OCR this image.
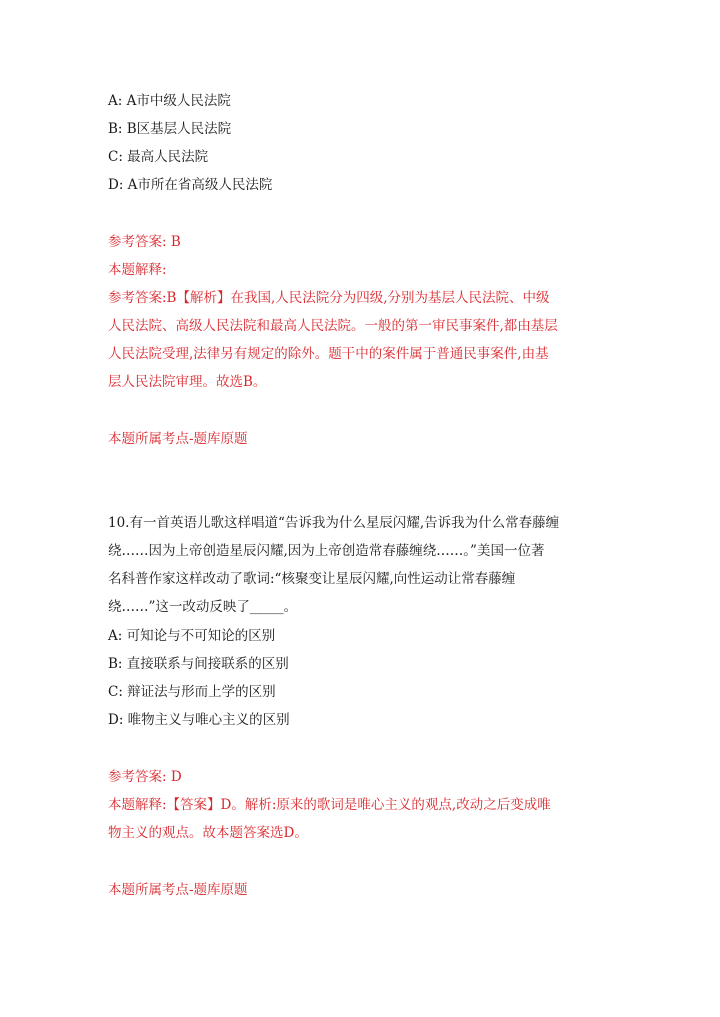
A: A市中级人民法院
B: B区基层人民法院
C: 最高人民法院
D: A市所在省高级人民法院
参考答案: B
本题解释:
参考答案:B【解析】在我国,人民法院分为四级,分别为基层人民法院、中级
人民法院、高级人民法院和最高人民法院。一般的第一审民事案件,都由基层
人民法院受理,法律另有规定的除外。题干中的案件属于普通民事案件,由基
层人民法院审理。故选B。
本题所属考点-题库原题
10.有一首英语儿歌这样唱道“告诉我为什么星辰闪耀,告诉我为什么常春藤缠
绕……因为上帝创造星辰闪耀,因为上帝创造常春藤缠绕……。”美国一位著
名科普作家这样改动了歌词:“核聚变让星辰闪耀,向性运动让常春藤缠
绕……”这一改动反映了_____。
A: 可知论与不可知论的区别
B: 直接联系与间接联系的区别
C: 辩证法与形而上学的区别
D: 唯物主义与唯心主义的区别
参考答案: D
本题解释:【答案】D。解析:原来的歌词是唯心主义的观点,改动之后变成唯
物主义的观点。故本题答案选D。
本题所属考点-题库原题
